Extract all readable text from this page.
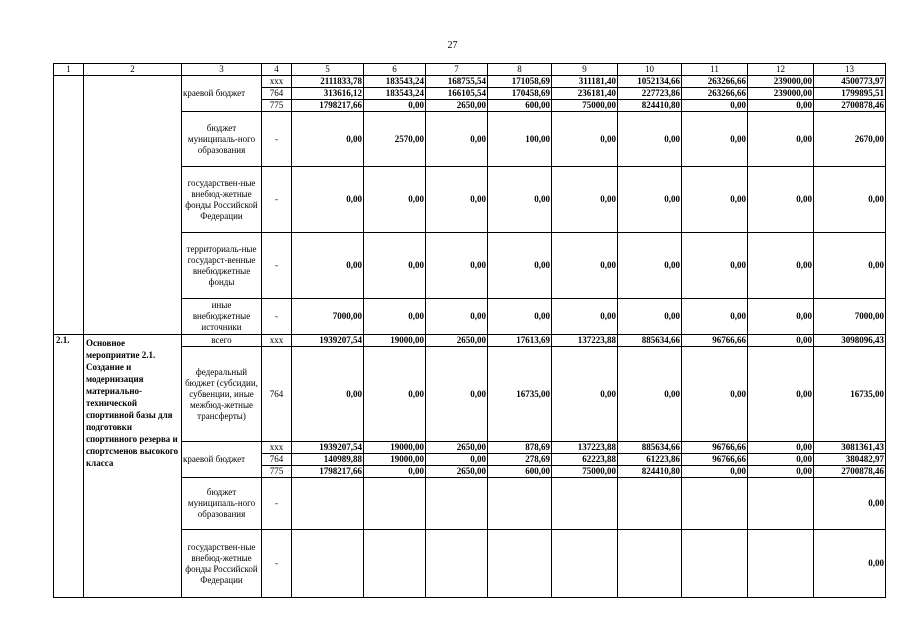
27
1	2	3	4	5	6	7	8	9	10	11	12	13
		краевой бюджет	ххх	2111833,78	183543,24	168755,54	171058,69	311181,40	1052134,66	263266,66	239000,00	4500773,97
			764	313616,12	183543,24	166105,54	170458,69	236181,40	227723,86	263266,66	239000,00	1799895,51
			775	1798217,66	0,00	2650,00	600,00	75000,00	824410,80	0,00	0,00	2700878,46
		бюджет муниципаль-ного образования	-	0,00	2570,00	0,00	100,00	0,00	0,00	0,00	0,00	2670,00
		государствен-ные внебюд-жетные фонды Российской Федерации	-	0,00	0,00	0,00	0,00	0,00	0,00	0,00	0,00	0,00
		территориаль-ные государст-венные внебюджетные фонды	-	0,00	0,00	0,00	0,00	0,00	0,00	0,00	0,00	0,00
		иные внебюджетные источники	-	7000,00	0,00	0,00	0,00	0,00	0,00	0,00	0,00	7000,00
2.1.	Основное мероприятие 2.1. Создание и модернизация материально-технической спортивной базы для подготовки спортивного резерва и спортсменов высокого класса	всего	ххх	1939207,54	19000,00	2650,00	17613,69	137223,88	885634,66	96766,66	0,00	3098096,43
		федеральный бюджет (субсидии, субвенции, иные межбюд-жетные трансферты)	764	0,00	0,00	0,00	16735,00	0,00	0,00	0,00	0,00	16735,00
		краевой бюджет	ххх	1939207,54	19000,00	2650,00	878,69	137223,88	885634,66	96766,66	0,00	3081361,43
			764	140989,88	19000,00	0,00	278,69	62223,88	61223,86	96766,66	0,00	380482,97
			775	1798217,66	0,00	2650,00	600,00	75000,00	824410,80	0,00	0,00	2700878,46
		бюджет муниципаль-ного образования	-									0,00
		государствен-ные внебюд-жетные фонды Российской Федерации	-									0,00
